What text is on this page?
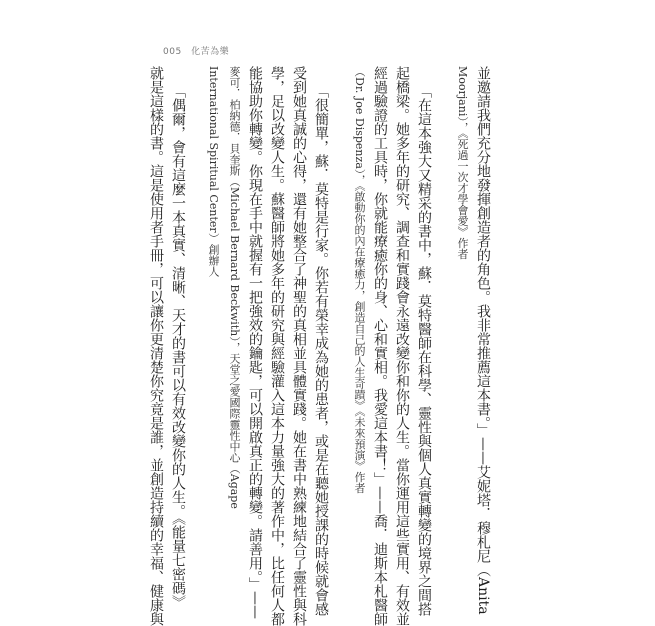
005 化苦為樂
並邀請我們充分地發揮創造者的角色。我非常推薦這本書。」——艾妮塔．穆札尼（Anita
Moorjani），《死過一次才學會愛》作者
「在這本強大又精采的書中，蘇．莫特醫師在科學、靈性與個人真實轉變的境界之間搭
起橋梁。她多年的研究、調查和實踐會永遠改變你和你的人生。當你運用這些實用、有效並
經過驗證的工具時，你就能療癒你的身、心和實相。我愛這本書！」——喬．迪斯本札醫師
（Dr. Joe Dispenza），《啟動你的內在療癒力，創造自己的人生奇蹟》《未來預演》作者
「很簡單，蘇．莫特是行家。你若有榮幸成為她的患者，或是在聽她授課的時候就會感
受到她真誠的心得，還有她整合了神聖的真相並具體實踐。她在書中熟練地結合了靈性與科
學，足以改變人生。蘇醫師將她多年的研究與經驗灌入這本力量強大的著作中，比任何人都
能協助你轉變。你現在手中就握有一把強效的鑰匙，可以開啟真正的轉變。請善用。」——
麥可．柏納德．貝奎斯（Michael Bernard Beckwith），天堂之愛國際靈性中心（Agape
International Spiritual Center）創辦人
「偶爾，會有這麼一本真實、清晰、天才的書可以有效改變你的人生。《能量七密碼》
就是這樣的書。這是使用者手冊，可以讓你更清楚你究竟是誰，並創造持續的幸福、健康與
